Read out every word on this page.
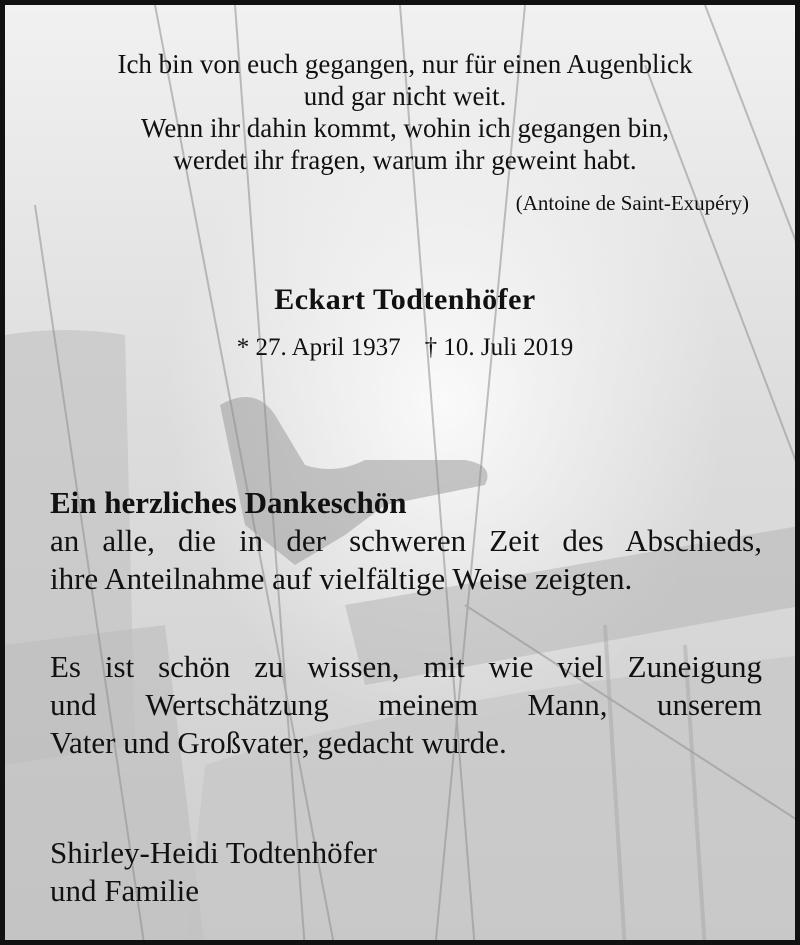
Ich bin von euch gegangen, nur für einen Augenblick
und gar nicht weit.
Wenn ihr dahin kommt, wohin ich gegangen bin,
werdet ihr fragen, warum ihr geweint habt.
(Antoine de Saint-Exupéry)
Eckart Todtenhöfer
* 27. April 1937 † 10. Juli 2019
Ein herzliches Dankeschön
an alle, die in der schweren Zeit des Abschieds,
ihre Anteilnahme auf vielfältige Weise zeigten.
Es ist schön zu wissen, mit wie viel Zuneigung
und Wertschätzung meinem Mann, unserem
Vater und Großvater, gedacht wurde.
Shirley-Heidi Todtenhöfer
und Familie
